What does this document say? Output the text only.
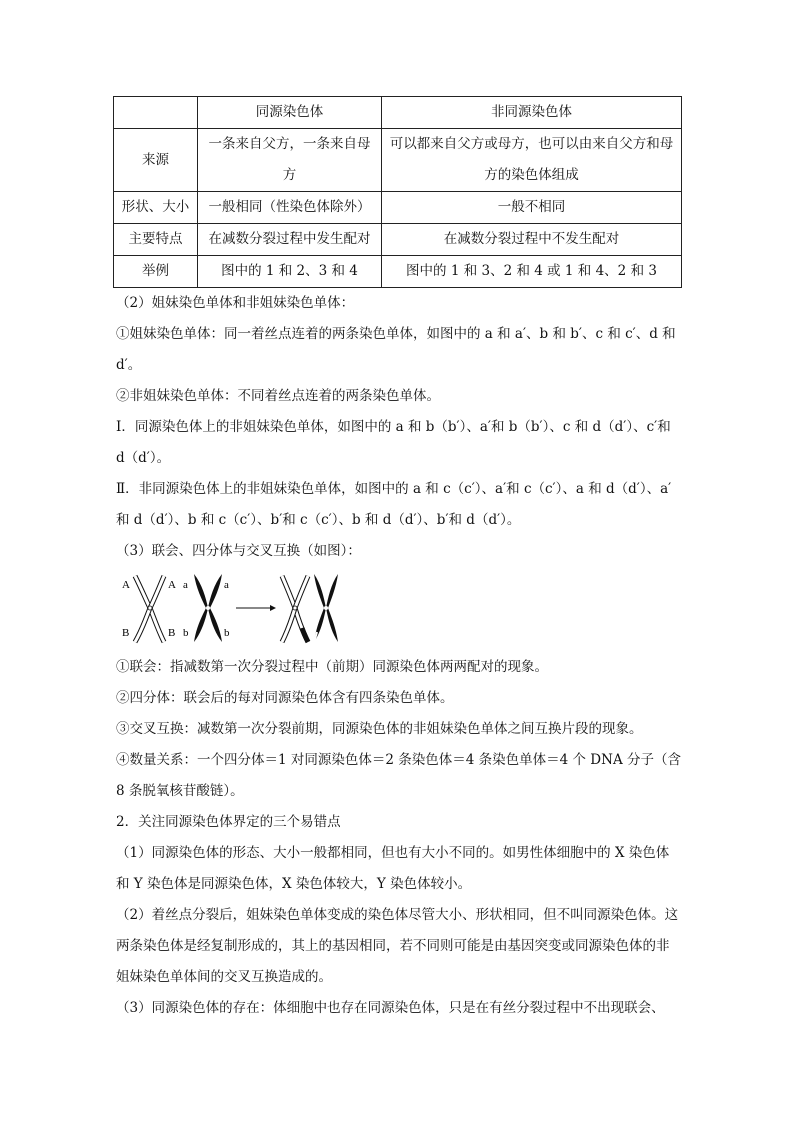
	同源染色体	非同源染色体
来源	一条来自父方，一条来自母方	可以都来自父方或母方，也可以由来自父方和母方的染色体组成
形状、大小	一般相同（性染色体除外）	一般不相同
主要特点	在减数分裂过程中发生配对	在减数分裂过程中不发生配对
举例	图中的 1 和 2、3 和 4	图中的 1 和 3、2 和 4 或 1 和 4、2 和 3

（2）姐妹染色单体和非姐妹染色单体：

①姐妹染色单体：同一着丝点连着的两条染色单体，如图中的 a 和 a′、b 和 b′、c 和 c′、d 和 d′。

②非姐妹染色单体：不同着丝点连着的两条染色单体。

Ⅰ．同源染色体上的非姐妹染色单体，如图中的 a 和 b（b′）、a′和 b（b′）、c 和 d（d′）、c′和 d（d′）。

Ⅱ．非同源染色体上的非姐妹染色单体，如图中的 a 和 c（c′）、a′和 c（c′）、a 和 d（d′）、a′和 d（d′）、b 和 c（c′）、b′和 c（c′）、b 和 d（d′）、b′和 d（d′）。

（3）联会、四分体与交叉互换（如图）：

A	A
B	B
a	a
b	b

①联会：指减数第一次分裂过程中（前期）同源染色体两两配对的现象。

②四分体：联会后的每对同源染色体含有四条染色单体。

③交叉互换：减数第一次分裂前期，同源染色体的非姐妹染色单体之间互换片段的现象。

④数量关系：一个四分体＝1 对同源染色体＝2 条染色体＝4 条染色单体＝4 个 DNA 分子（含 8 条脱氧核苷酸链）。

2．关注同源染色体界定的三个易错点

（1）同源染色体的形态、大小一般都相同，但也有大小不同的。如男性体细胞中的 X 染色体和 Y 染色体是同源染色体，X 染色体较大，Y 染色体较小。

（2）着丝点分裂后，姐妹染色单体变成的染色体尽管大小、形状相同，但不叫同源染色体。这两条染色体是经复制形成的，其上的基因相同，若不同则可能是由基因突变或同源染色体的非姐妹染色单体间的交叉互换造成的。

（3）同源染色体的存在：体细胞中也存在同源染色体，只是在有丝分裂过程中不出现联会、
